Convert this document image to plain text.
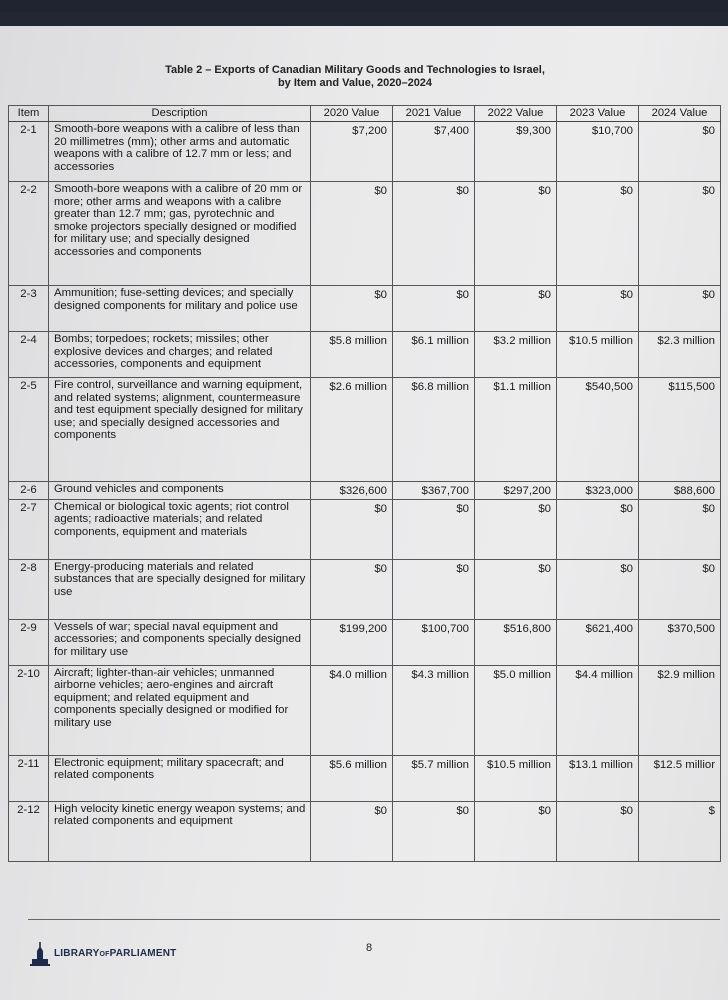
Table 2 – Exports of Canadian Military Goods and Technologies to Israel,
by Item and Value, 2020–2024
Item	Description	2020 Value	2021 Value	2022 Value	2023 Value	2024 Value
2-1	Smooth-bore weapons with a calibre of less than 20 millimetres (mm); other arms and automatic weapons with a calibre of 12.7 mm or less; and accessories	$7,200	$7,400	$9,300	$10,700	$0
2-2	Smooth-bore weapons with a calibre of 20 mm or more; other arms and weapons with a calibre greater than 12.7 mm; gas, pyrotechnic and smoke projectors specially designed or modified for military use; and specially designed accessories and components	$0	$0	$0	$0	$0
2-3	Ammunition; fuse-setting devices; and specially designed components for military and police use	$0	$0	$0	$0	$0
2-4	Bombs; torpedoes; rockets; missiles; other explosive devices and charges; and related accessories, components and equipment	$5.8 million	$6.1 million	$3.2 million	$10.5 million	$2.3 million
2-5	Fire control, surveillance and warning equipment, and related systems; alignment, countermeasure and test equipment specially designed for military use; and specially designed accessories and components	$2.6 million	$6.8 million	$1.1 million	$540,500	$115,500
2-6	Ground vehicles and components	$326,600	$367,700	$297,200	$323,000	$88,600
2-7	Chemical or biological toxic agents; riot control agents; radioactive materials; and related components, equipment and materials	$0	$0	$0	$0	$0
2-8	Energy-producing materials and related substances that are specially designed for military use	$0	$0	$0	$0	$0
2-9	Vessels of war; special naval equipment and accessories; and components specially designed for military use	$199,200	$100,700	$516,800	$621,400	$370,500
2-10	Aircraft; lighter-than-air vehicles; unmanned airborne vehicles; aero-engines and aircraft equipment; and related equipment and components specially designed or modified for military use	$4.0 million	$4.3 million	$5.0 million	$4.4 million	$2.9 million
2-11	Electronic equipment; military spacecraft; and related components	$5.6 million	$5.7 million	$10.5 million	$13.1 million	$12.5 millior
2-12	High velocity kinetic energy weapon systems; and related components and equipment	$0	$0	$0	$0	$
LIBRARYOFPARLIAMENT	8
